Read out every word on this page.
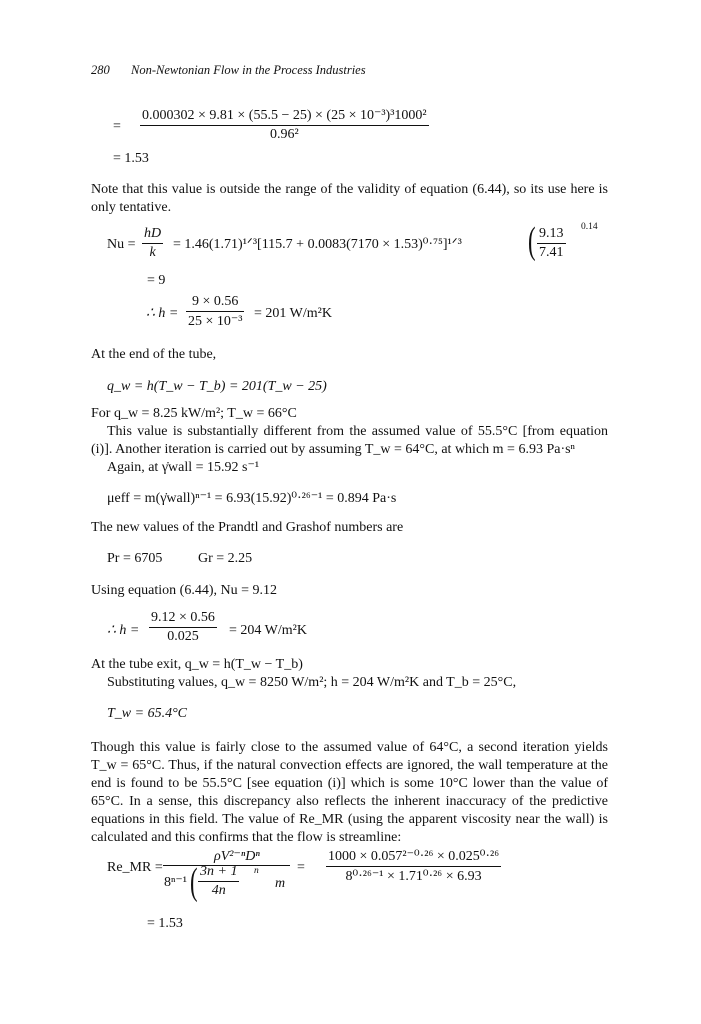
280 Non-Newtonian Flow in the Process Industries
=
0.000302 × 9.81 × (55.5 − 25) × (25 × 10⁻³)³1000²
0.96²
= 1.53
Note that this value is outside the range of the validity of equation (6.44), so its use here is only tentative.
Nu =
hD
k
= 1.46(1.71)¹ᐟ³[115.7 + 0.0083(7170 × 1.53)⁰·⁷⁵]¹ᐟ³ ( 9.13
7.41
0.14
= 9
∴ h =
9 × 0.56
25 × 10⁻³
= 201 W/m²K
At the end of the tube,
q_w = h(T_w − T_b) = 201(T_w − 25)
For q_w = 8.25 kW/m²; T_w = 66°C
This value is substantially different from the assumed value of 55.5°C [from equation (i)]. Another iteration is carried out by assuming T_w = 64°C, at which m = 6.93 Pa·sⁿ
Again, at γ̇wall = 15.92 s⁻¹
μeff = m(γ̇wall)ⁿ⁻¹ = 6.93(15.92)⁰·²⁶⁻¹ = 0.894 Pa·s
The new values of the Prandtl and Grashof numbers are
Pr = 6705	Gr = 2.25
Using equation (6.44), Nu = 9.12
∴ h =
9.12 × 0.56
0.025	= 204 W/m²K
At the tube exit, q_w = h(T_w − T_b)
Substituting values, q_w = 8250 W/m²; h = 204 W/m²K and T_b = 25°C,
T_w = 65.4°C
Though this value is fairly close to the assumed value of 64°C, a second iteration yields T_w = 65°C. Thus, if the natural convection effects are ignored, the wall temperature at the end is found to be 55.5°C [see equation (i)] which is some 10°C lower than the value of 65°C. In a sense, this discrepancy also reflects the inherent inaccuracy of the predictive equations in this field. The value of Re_MR (using the apparent viscosity near the wall) is calculated and this confirms that the flow is streamline:
Re_MR =
ρV²⁻ⁿDⁿ
8ⁿ⁻¹ ( 3n + 1
4n
n
m
=
1000 × 0.057²⁻⁰·²⁶ × 0.025⁰·²⁶
8⁰·²⁶⁻¹ × 1.71⁰·²⁶ × 6.93
= 1.53
